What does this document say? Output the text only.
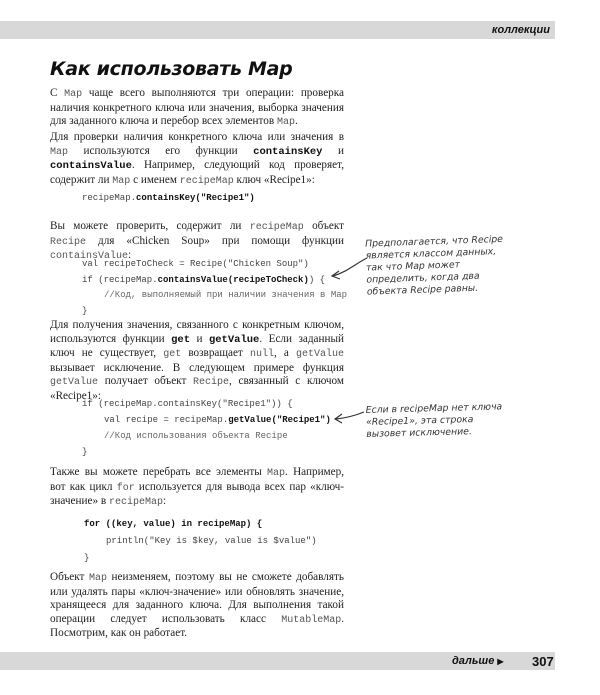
коллекции
Как использовать Map
С Map чаще всего выполняются три операции: проверка наличия конкретного ключа или значения, выборка значения для заданного ключа и перебор всех элементов Map.
Для проверки наличия конкретного ключа или значения в Map используются его функции containsKey и containsValue. Например, следующий код проверяет, содержит ли Map с именем recipeMap ключ «Recipe1»:
recipeMap.containsKey("Recipe1")
Вы можете проверить, содержит ли recipeMap объект Recipe для «Chicken Soup» при помощи функции containsValue:
val recipeToCheck = Recipe("Chicken Soup")
if (recipeMap.containsValue(recipeToCheck)) {
//Код, выполняемый при наличии значения в Map
}
Предполагается, что Recipe является классом данных, так что Map может определить, когда два объекта Recipe равны.
Для получения значения, связанного с конкретным ключом, используются функции get и getValue. Если заданный ключ не существует, get возвращает null, а getValue вызывает исключение. В следующем примере функция getValue получает объект Recipe, связанный с ключом «Recipe1»:
if (recipeMap.containsKey("Recipe1")) {
val recipe = recipeMap.getValue("Recipe1")
//Код использования объекта Recipe
}
Если в recipeMap нет ключа «Recipe1», эта строка вызовет исключение.
Также вы можете перебрать все элементы Map. Например, вот как цикл for используется для вывода всех пар «ключ-значение» в recipeMap:
for ((key, value) in recipeMap) {
println("Key is $key, value is $value")
}
Объект Map неизменяем, поэтому вы не сможете добавлять или удалять пары «ключ-значение» или обновлять значение, хранящееся для заданного ключа. Для выполнения такой операции следует использовать класс MutableMap. Посмотрим, как он работает.
дальше ▶ 307
